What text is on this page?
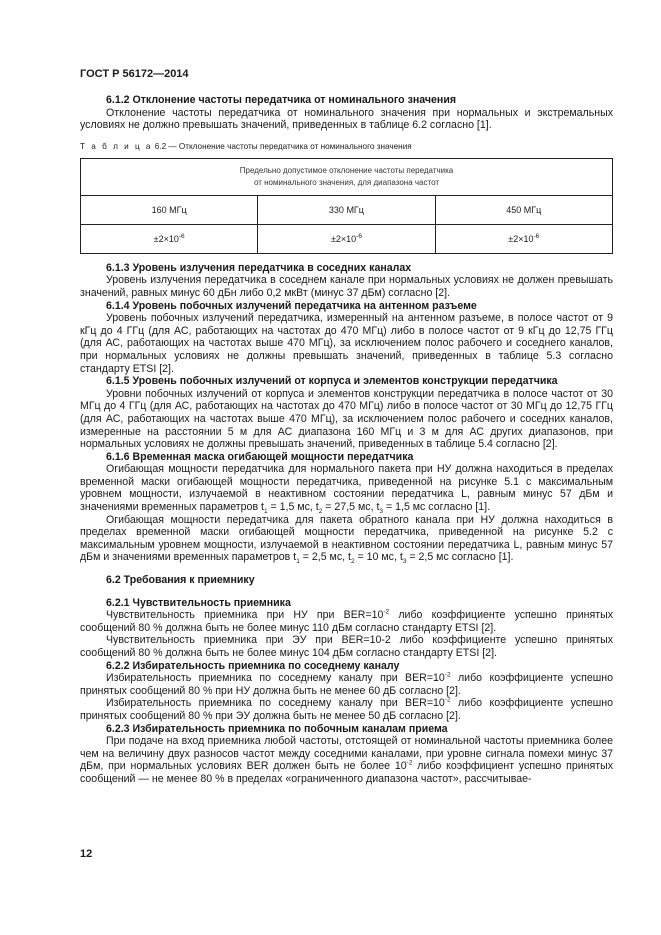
ГОСТ Р 56172—2014
6.1.2 Отклонение частоты передатчика от номинального значения
Отклонение частоты передатчика от номинального значения при нормальных и экстремальных условиях не должно превышать значений, приведенных в таблице 6.2 согласно [1].
Т а б л и ц а 6.2 — Отклонение частоты передатчика от номинального значения
Предельно допустимое отклонение частоты передатчика
от номинального значения, для диапазона частот		

160 МГц	330 МГц	450 МГц
$\pm 2\times 10^{-6}$	$\pm 2\times 10^{-6}$	$\pm 2\times 10^{-6}$
6.1.3 Уровень излучения передатчика в соседних каналах
Уровень излучения передатчика в соседнем канале при нормальных условиях не должен превышать значений, равных минус 60 дБн либо 0,2 мкВт (минус 37 дБм) согласно [2].
6.1.4 Уровень побочных излучений передатчика на антенном разъеме
Уровень побочных излучений передатчика, измеренный на антенном разъеме, в полосе частот от 9 кГц до 4 ГГц (для АС, работающих на частотах до 470 МГц) либо в полосе частот от 9 кГц до 12,75 ГГц (для АС, работающих на частотах выше 470 МГц), за исключением полос рабочего и соседнего каналов, при нормальных условиях не должны превышать значений, приведенных в таблице 5.3 согласно стандарту ETSI [2].
6.1.5 Уровень побочных излучений от корпуса и элементов конструкции передатчика
Уровни побочных излучений от корпуса и элементов конструкции передатчика в полосе частот от 30 МГц до 4 ГГц (для АС, работающих на частотах до 470 МГц) либо в полосе частот от 30 МГц до 12,75 ГГц (для АС, работающих на частотах выше 470 МГц), за исключением полос рабочего и соседних каналов, измеренные на расстоянии 5 м для АС диапазона 160 МГц и 3 м для АС других диапазонов, при нормальных условиях не должны превышать значений, приведенных в таблице 5.4 согласно [2].
6.1.6 Временная маска огибающей мощности передатчика
Огибающая мощности передатчика для нормального пакета при НУ должна находиться в пределах временной маски огибающей мощности передатчика, приведенной на рисунке 5.1 с максимальным уровнем мощности, излучаемой в неактивном состоянии передатчика L, равным минус 57 дБм и значениями временных параметров $t_1 = 1,5$ мс, $t_2 = 27,5$ мс, $t_3 = 1,5$ мс согласно [1].
Огибающая мощности передатчика для пакета обратного канала при НУ должна находиться в пределах временной маски огибающей мощности передатчика, приведенной на рисунке 5.2 с максимальным уровнем мощности, излучаемой в неактивном состоянии передатчика L, равным минус 57 дБм и значениями временных параметров $t_1 = 2,5$ мс, $t_2 = 10$ мс, $t_3 = 2,5$ мс согласно [1].
6.2 Требования к приемнику
6.2.1 Чувствительность приемника
Чувствительность приемника при НУ при $BER=10^{-2}$ либо коэффициенте успешно принятых сообщений 80 % должна быть не более минус 110 дБм согласно стандарту ETSI [2].
Чувствительность приемника при ЭУ при BER=10-2 либо коэффициенте успешно принятых сообщений 80 % должна быть не более минус 104 дБм согласно стандарту ETSI [2].
6.2.2 Избирательность приемника по соседнему каналу
Избирательность приемника по соседнему каналу при $BER=10^{-2}$ либо коэффициенте успешно принятых сообщений 80 % при НУ должна быть не менее 60 дБ согласно [2].
Избирательность приемника по соседнему каналу при $BER=10^{-2}$ либо коэффициенте успешно принятых сообщений 80 % при ЭУ должна быть не менее 50 дБ согласно [2].
6.2.3 Избирательность приемника по побочным каналам приема
При подаче на вход приемника любой частоты, отстоящей от номинальной частоты приемника более чем на величину двух разносов частот между соседними каналами, при уровне сигнала помехи минус 37 дБм, при нормальных условиях BER должен быть не более $10^{-2}$ либо коэффициент успешно принятых сообщений — не менее 80 % в пределах «ограниченного диапазона частот», рассчитывае-
12
